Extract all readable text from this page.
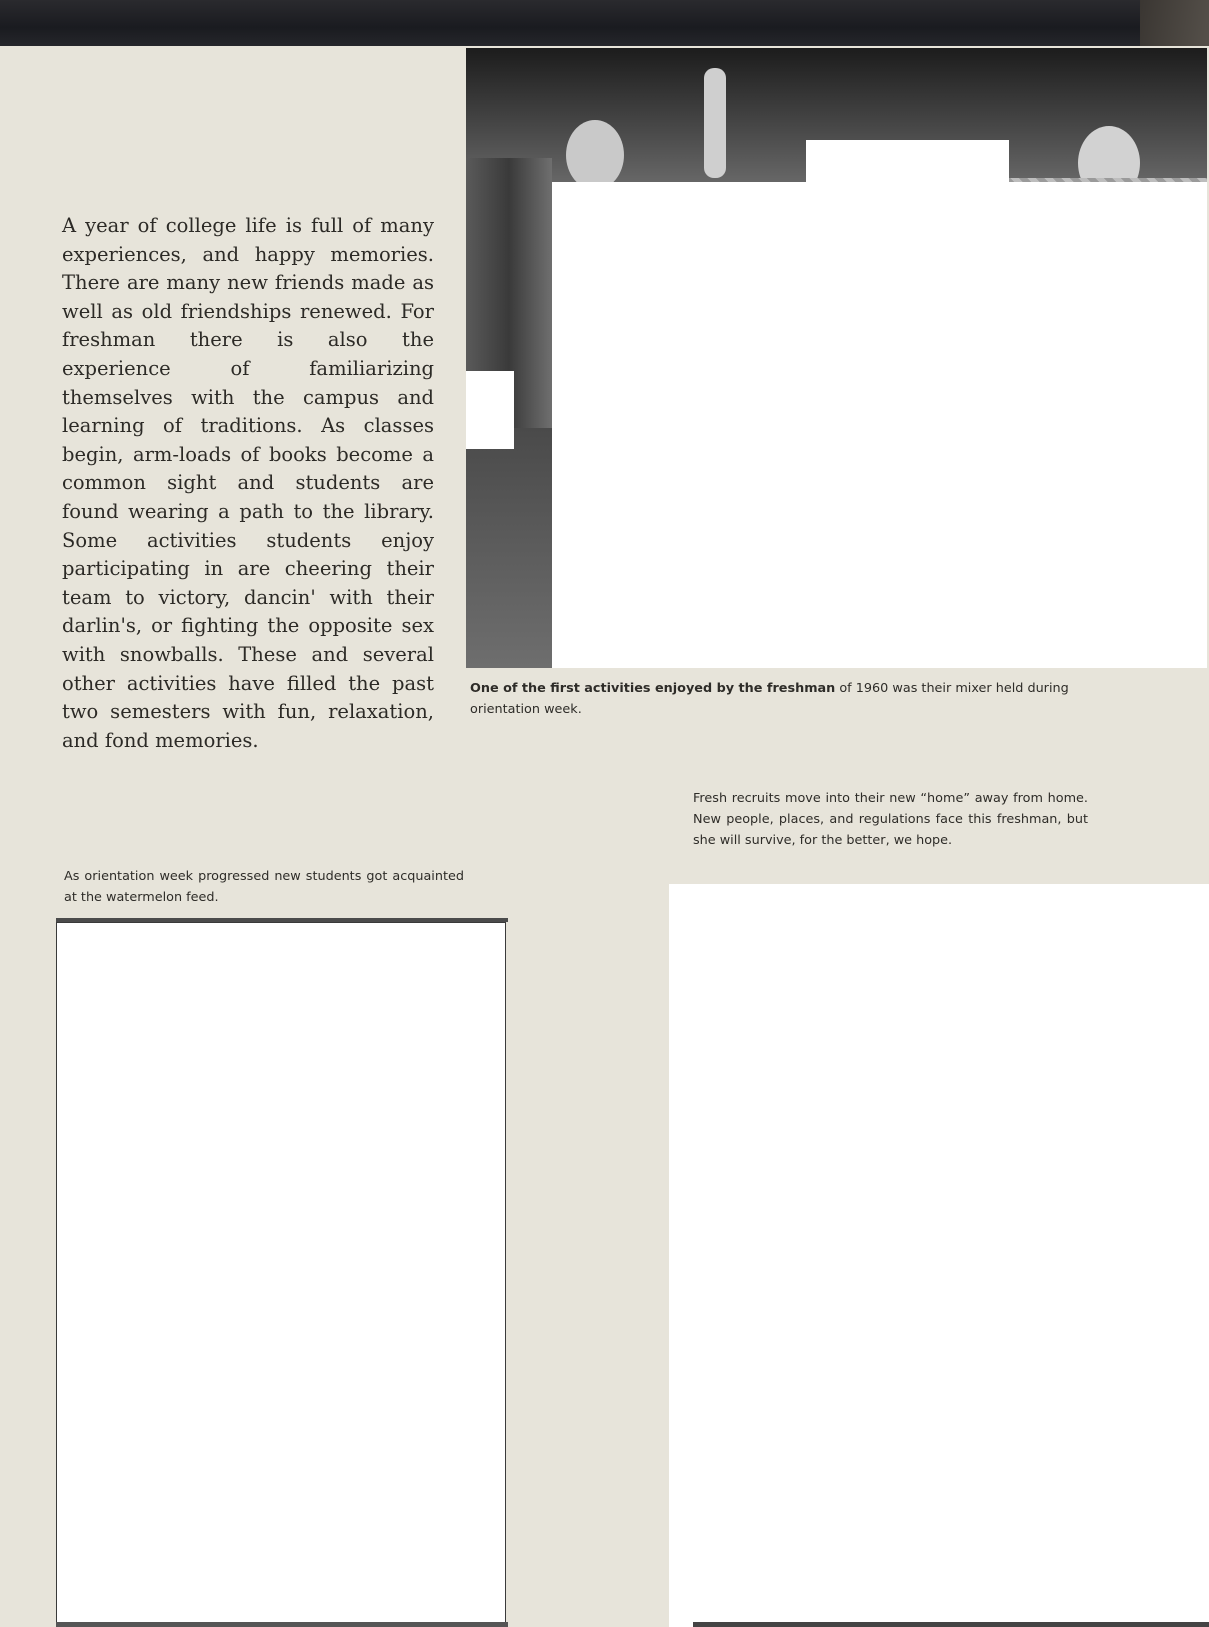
A year of college life is full of many experiences, and happy memories. There are many new friends made as well as old friendships renewed. For freshman there is also the experience of familiarizing themselves with the campus and learning of traditions. As classes begin, arm-loads of books become a common sight and students are found wearing a path to the library. Some activities students enjoy participating in are cheering their team to victory, dancin' with their darlin's, or fighting the opposite sex with snowballs. These and several other activities have filled the past two semesters with fun, relaxation, and fond memories.

One of the first activities enjoyed by the freshman of 1960 was their mixer held during orientation week.

Fresh recruits move into their new “home” away from home. New people, places, and regulations face this freshman, but she will survive, for the better, we hope.

As orientation week progressed new students got acquainted at the watermelon feed.
